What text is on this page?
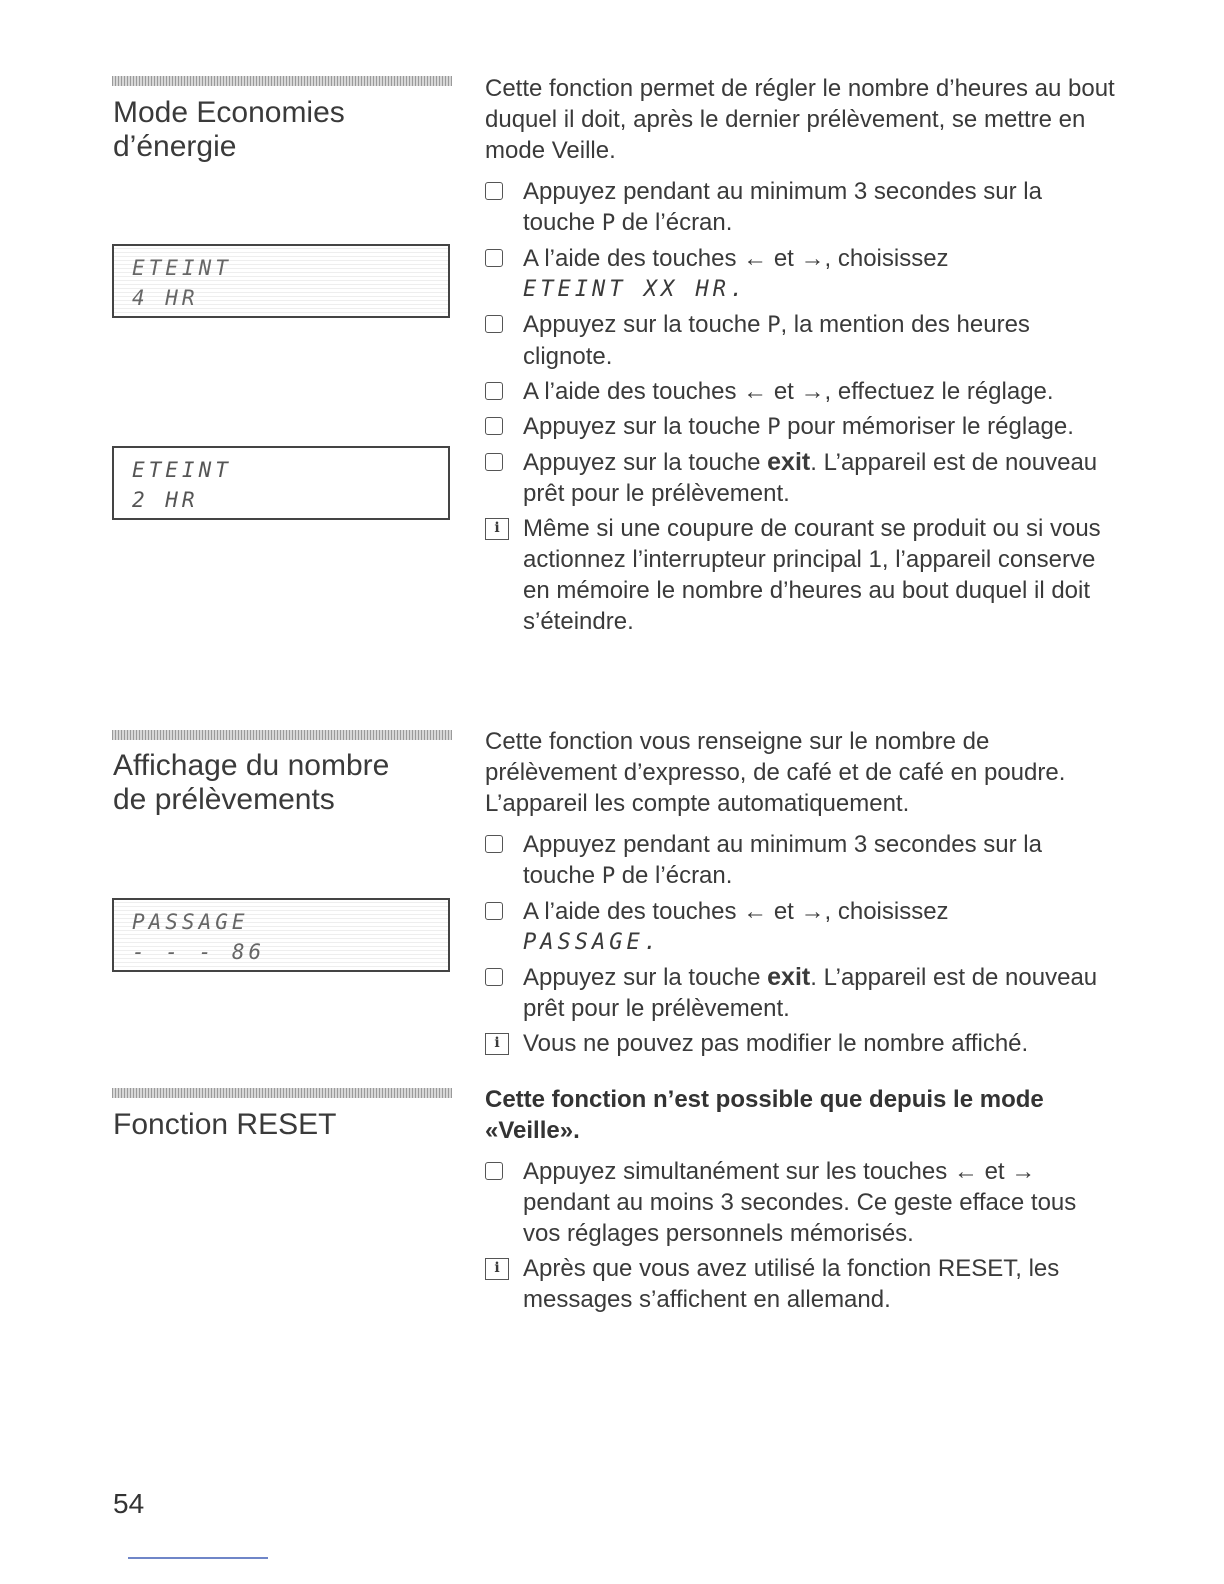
Mode Economies
d’énergie
ETEINT
4 HR
ETEINT
2 HR

Cette fonction permet de régler le nombre d’heures au bout duquel il doit, après le dernier prélèvement, se mettre en mode Veille.

Appuyez pendant au minimum 3 secondes sur la touche P de l’écran.
A l’aide des touches ← et →, choisissez
ETEINT XX HR.
Appuyez sur la touche P, la mention des heures clignote.
A l’aide des touches ← et →, effectuez le réglage.
Appuyez sur la touche P pour mémoriser le réglage.
Appuyez sur la touche exit. L’appareil est de nouveau prêt pour le prélèvement.
i Même si une coupure de courant se produit ou si vous actionnez l’interrupteur principal 1, l’appareil conserve en mémoire le nombre d’heures au bout duquel il doit s’éteindre.
Affichage du nombre
de prélèvements
PASSAGE
- - - 86

Cette fonction vous renseigne sur le nombre de prélèvement d’expresso, de café et de café en poudre. L’appareil les compte automatiquement.

Appuyez pendant au minimum 3 secondes sur la touche P de l’écran.
A l’aide des touches ← et →, choisissez
PASSAGE.
Appuyez sur la touche exit. L’appareil est de nouveau prêt pour le prélèvement.
i Vous ne pouvez pas modifier le nombre affiché.
Fonction RESET

Cette fonction n’est possible que depuis le mode «Veille».

Appuyez simultanément sur les touches ← et → pendant au moins 3 secondes. Ce geste efface tous vos réglages personnels mémorisés.
i Après que vous avez utilisé la fonction RESET, les messages s’affichent en allemand.
54
